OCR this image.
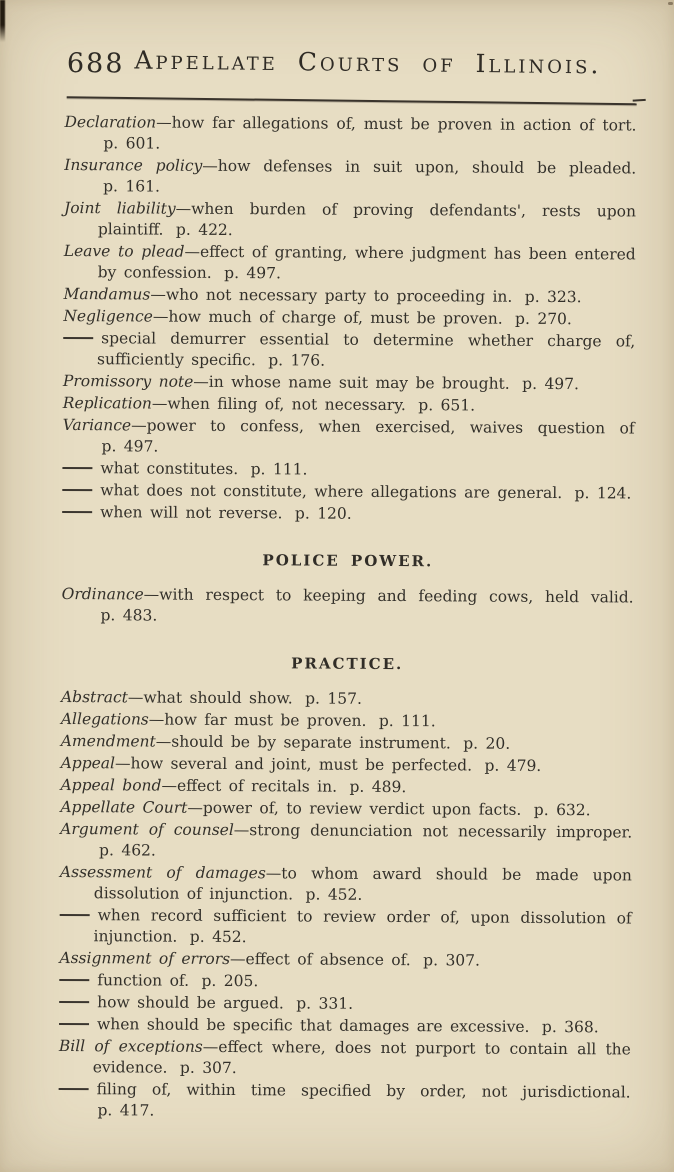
688 Appellate Courts of Illinois.
Declaration—how far allegations of, must be proven in action of tort. p. 601.
Insurance policy—how defenses in suit upon, should be pleaded. p. 161.
Joint liability—when burden of proving defendants', rests upon plaintiff. p. 422.
Leave to plead—effect of granting, where judgment has been entered by confession. p. 497.
Mandamus—who not necessary party to proceeding in. p. 323.
Negligence—how much of charge of, must be proven. p. 270.
special demurrer essential to determine whether charge of, sufficiently specific. p. 176.
Promissory note—in whose name suit may be brought. p. 497.
Replication—when filing of, not necessary. p. 651.
Variance—power to confess, when exercised, waives question of p. 497.
what constitutes. p. 111.
what does not constitute, where allegations are general. p. 124.
when will not reverse. p. 120.
POLICE POWER.
Ordinance—with respect to keeping and feeding cows, held valid. p. 483.
PRACTICE.
Abstract—what should show. p. 157.
Allegations—how far must be proven. p. 111.
Amendment—should be by separate instrument. p. 20.
Appeal—how several and joint, must be perfected. p. 479.
Appeal bond—effect of recitals in. p. 489.
Appellate Court—power of, to review verdict upon facts. p. 632.
Argument of counsel—strong denunciation not necessarily improper. p. 462.
Assessment of damages—to whom award should be made upon dissolution of injunction. p. 452.
when record sufficient to review order of, upon dissolution of injunction. p. 452.
Assignment of errors—effect of absence of. p. 307.
function of. p. 205.
how should be argued. p. 331.
when should be specific that damages are excessive. p. 368.
Bill of exceptions—effect where, does not purport to contain all the evidence. p. 307.
filing of, within time specified by order, not jurisdictional. p. 417.
